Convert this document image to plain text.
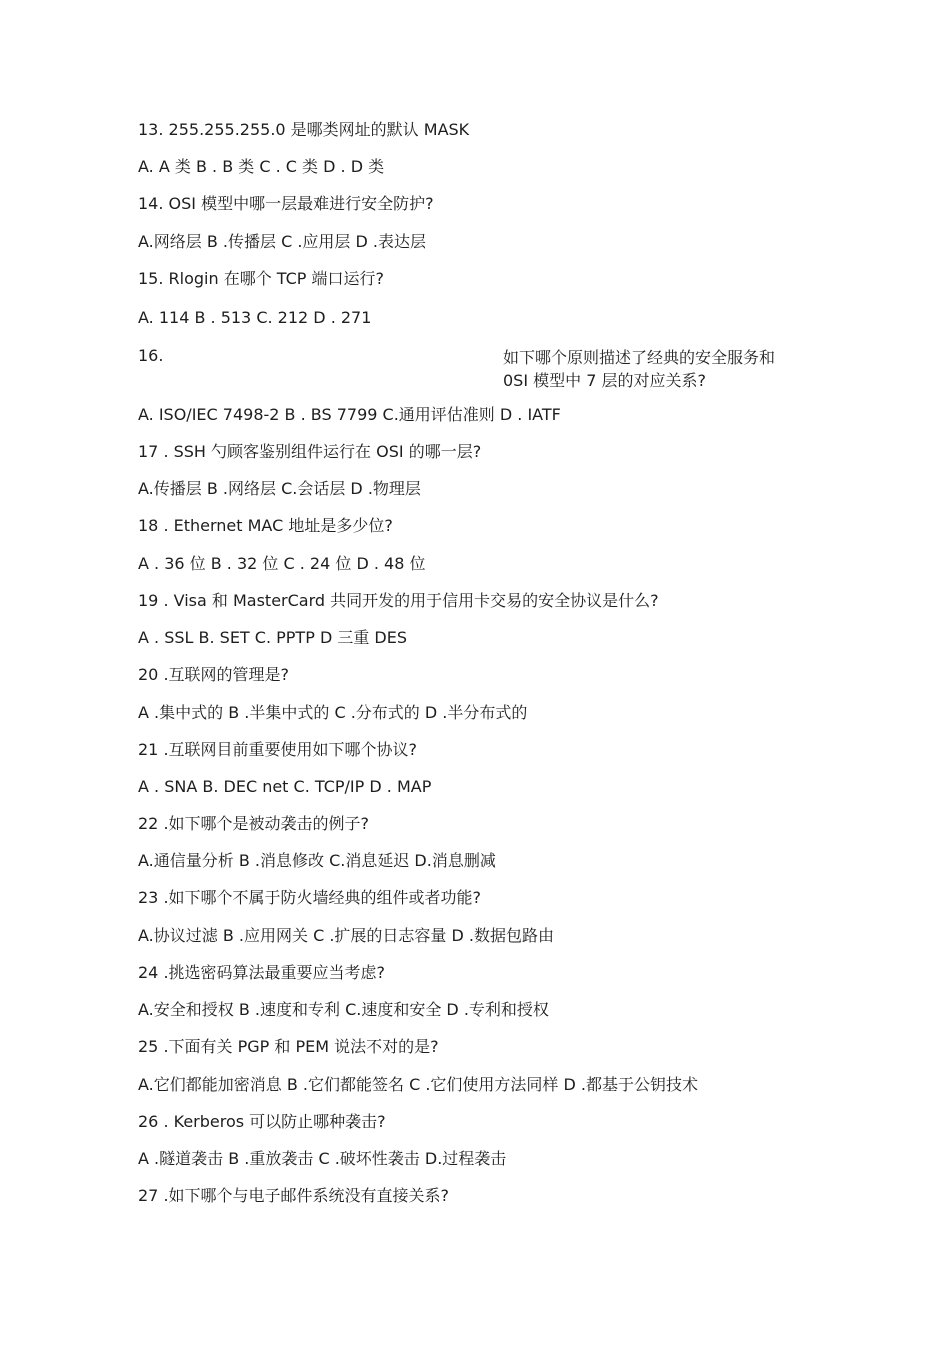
13. 255.255.255.0 是哪类网址的默认 MASK
A. A 类 B . B 类 C . C 类 D . D 类
14. OSI 模型中哪一层最难进行安全防护?
A.网络层 B .传播层 C .应用层 D .表达层
15. Rlogin 在哪个 TCP 端口运行?
A. 114 B . 513 C. 212 D . 271
16.	如下哪个原则描述了经典的安全服务和
0SI 模型中 7 层的对应关系?
A. ISO/IEC 7498-2 B . BS 7799 C.通用评估准则 D . IATF
17 . SSH 勺顾客鉴别组件运行在 OSI 的哪一层?
A.传播层 B .网络层 C.会话层 D .物理层
18 . Ethernet MAC 地址是多少位?
A . 36 位 B . 32 位 C . 24 位 D . 48 位
19 . Visa 和 MasterCard 共同开发的用于信用卡交易的安全协议是什么?
A . SSL B. SET C. PPTP D 三重 DES
20 .互联网的管理是?
A .集中式的 B .半集中式的 C .分布式的 D .半分布式的
21 .互联网目前重要使用如下哪个协议?
A . SNA B. DEC net C. TCP/IP D . MAP
22 .如下哪个是被动袭击的例子?
A.通信量分析 B .消息修改 C.消息延迟 D.消息删减
23 .如下哪个不属于防火墙经典的组件或者功能?
A.协议过滤 B .应用网关 C .扩展的日志容量 D .数据包路由
24 .挑选密码算法最重要应当考虑?
A.安全和授权 B .速度和专利 C.速度和安全 D .专利和授权
25 .下面有关 PGP 和 PEM 说法不对的是?
A.它们都能加密消息 B .它们都能签名 C .它们使用方法同样 D .都基于公钥技术
26 . Kerberos 可以防止哪种袭击?
A .隧道袭击 B .重放袭击 C .破坏性袭击 D.过程袭击
27 .如下哪个与电子邮件系统没有直接关系?
